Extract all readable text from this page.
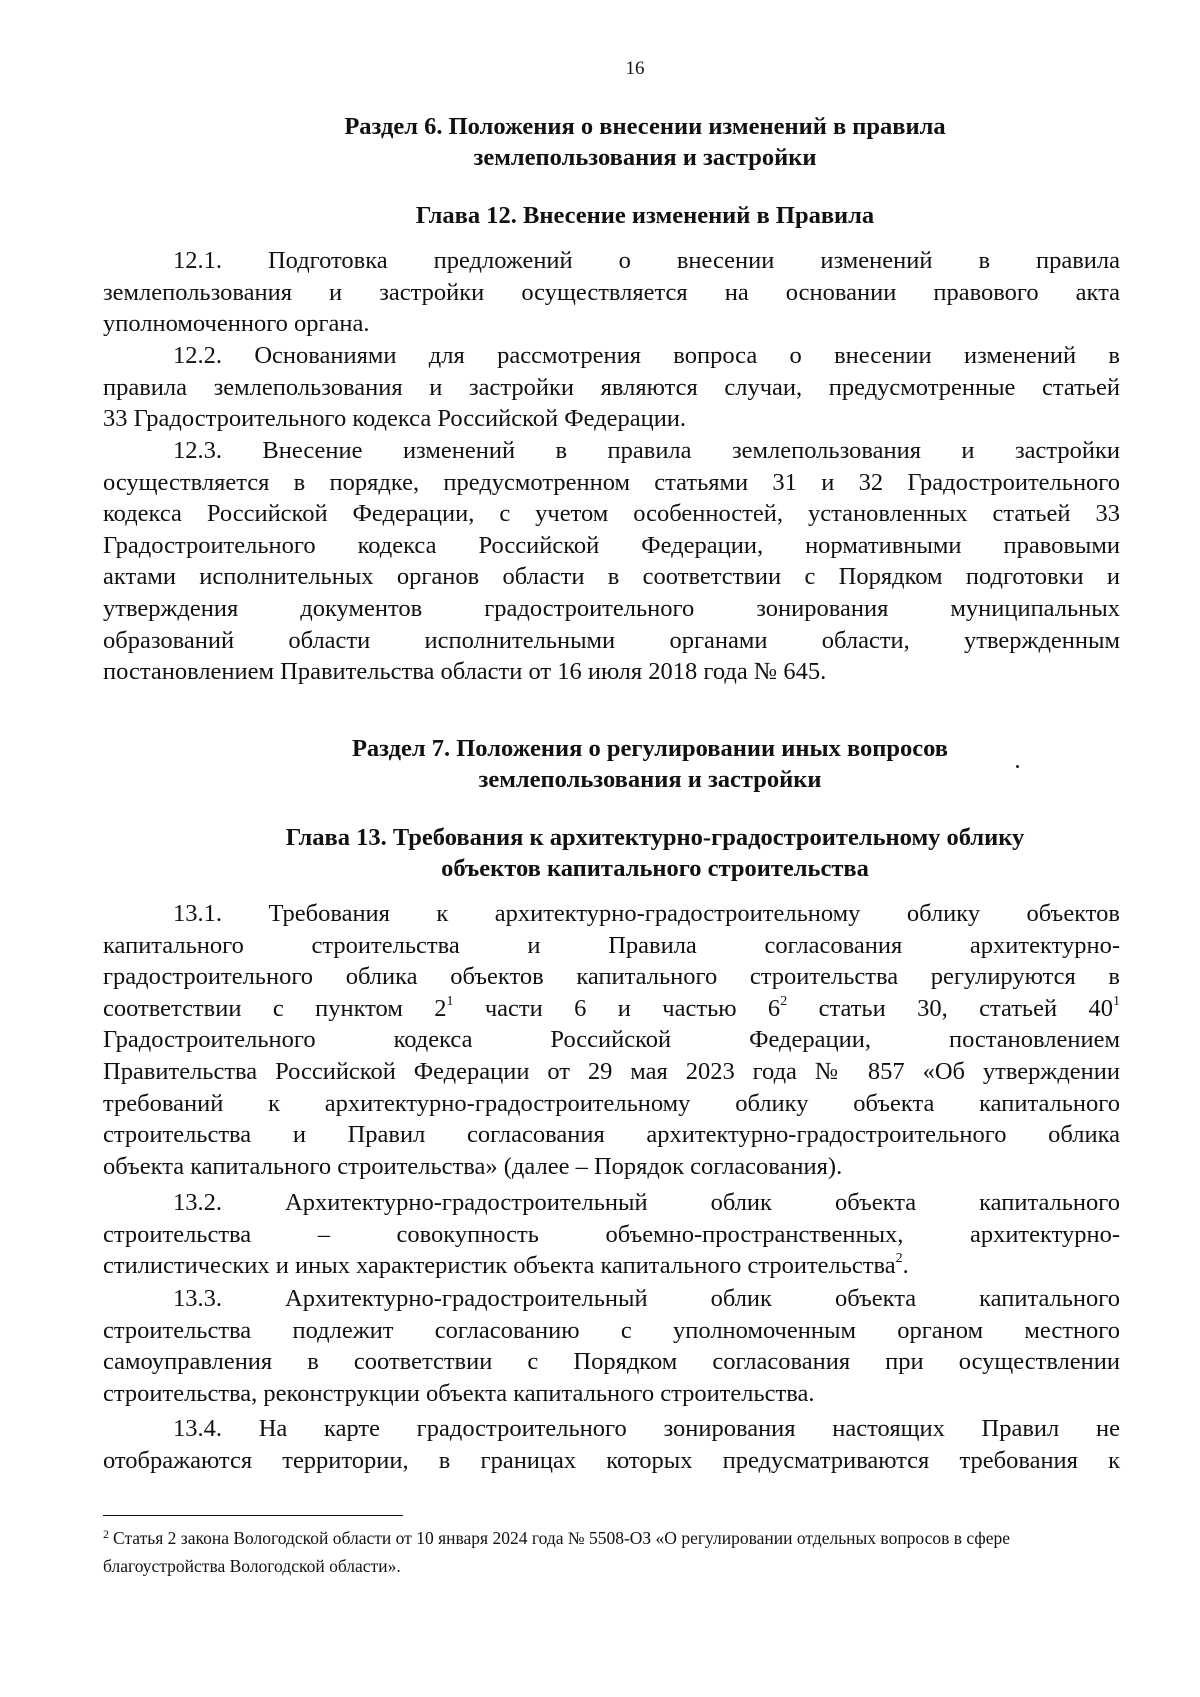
16
Раздел 6. Положения о внесении изменений в правила
землепользования и застройки
Глава 12. Внесение изменений в Правила
12.1. Подготовка предложений о внесении изменений в правила
землепользования и застройки осуществляется на основании правового акта
уполномоченного органа.
12.2. Основаниями для рассмотрения вопроса о внесении изменений в
правила землепользования и застройки являются случаи, предусмотренные статьей
33 Градостроительного кодекса Российской Федерации.
12.3. Внесение изменений в правила землепользования и застройки
осуществляется в порядке, предусмотренном статьями 31 и 32 Градостроительного
кодекса Российской Федерации, с учетом особенностей, установленных статьей 33
Градостроительного кодекса Российской Федерации, нормативными правовыми
актами исполнительных органов области в соответствии с Порядком подготовки и
утверждения документов градостроительного зонирования муниципальных
образований области исполнительными органами области, утвержденным
постановлением Правительства области от 16 июля 2018 года № 645.
Раздел 7. Положения о регулировании иных вопросов
землепользования и застройки
Глава 13. Требования к архитектурно-градостроительному облику
объектов капитального строительства
13.1. Требования к архитектурно-градостроительному облику объектов
капитального строительства и Правила согласования архитектурно-
градостроительного облика объектов капитального строительства регулируются в
соответствии с пунктом $2^1$ части 6 и частью $6^2$ статьи 30, статьей $40^1$
Градостроительного кодекса Российской Федерации, постановлением
Правительства Российской Федерации от 29 мая 2023 года № 857 «Об утверждении
требований к архитектурно-градостроительному облику объекта капитального
строительства и Правил согласования архитектурно-градостроительного облика
объекта капитального строительства» (далее – Порядок согласования).
13.2. Архитектурно-градостроительный облик объекта капитального
строительства – совокупность объемно-пространственных, архитектурно-
стилистических и иных характеристик объекта капитального строительства$^2$.
13.3. Архитектурно-градостроительный облик объекта капитального
строительства подлежит согласованию с уполномоченным органом местного
самоуправления в соответствии с Порядком согласования при осуществлении
строительства, реконструкции объекта капитального строительства.
13.4. На карте градостроительного зонирования настоящих Правил не
отображаются территории, в границах которых предусматриваются требования к

$^2$ Статья 2 закона Вологодской области от 10 января 2024 года № 5508-ОЗ «О регулировании отдельных вопросов в сфере благоустройства Вологодской области».
